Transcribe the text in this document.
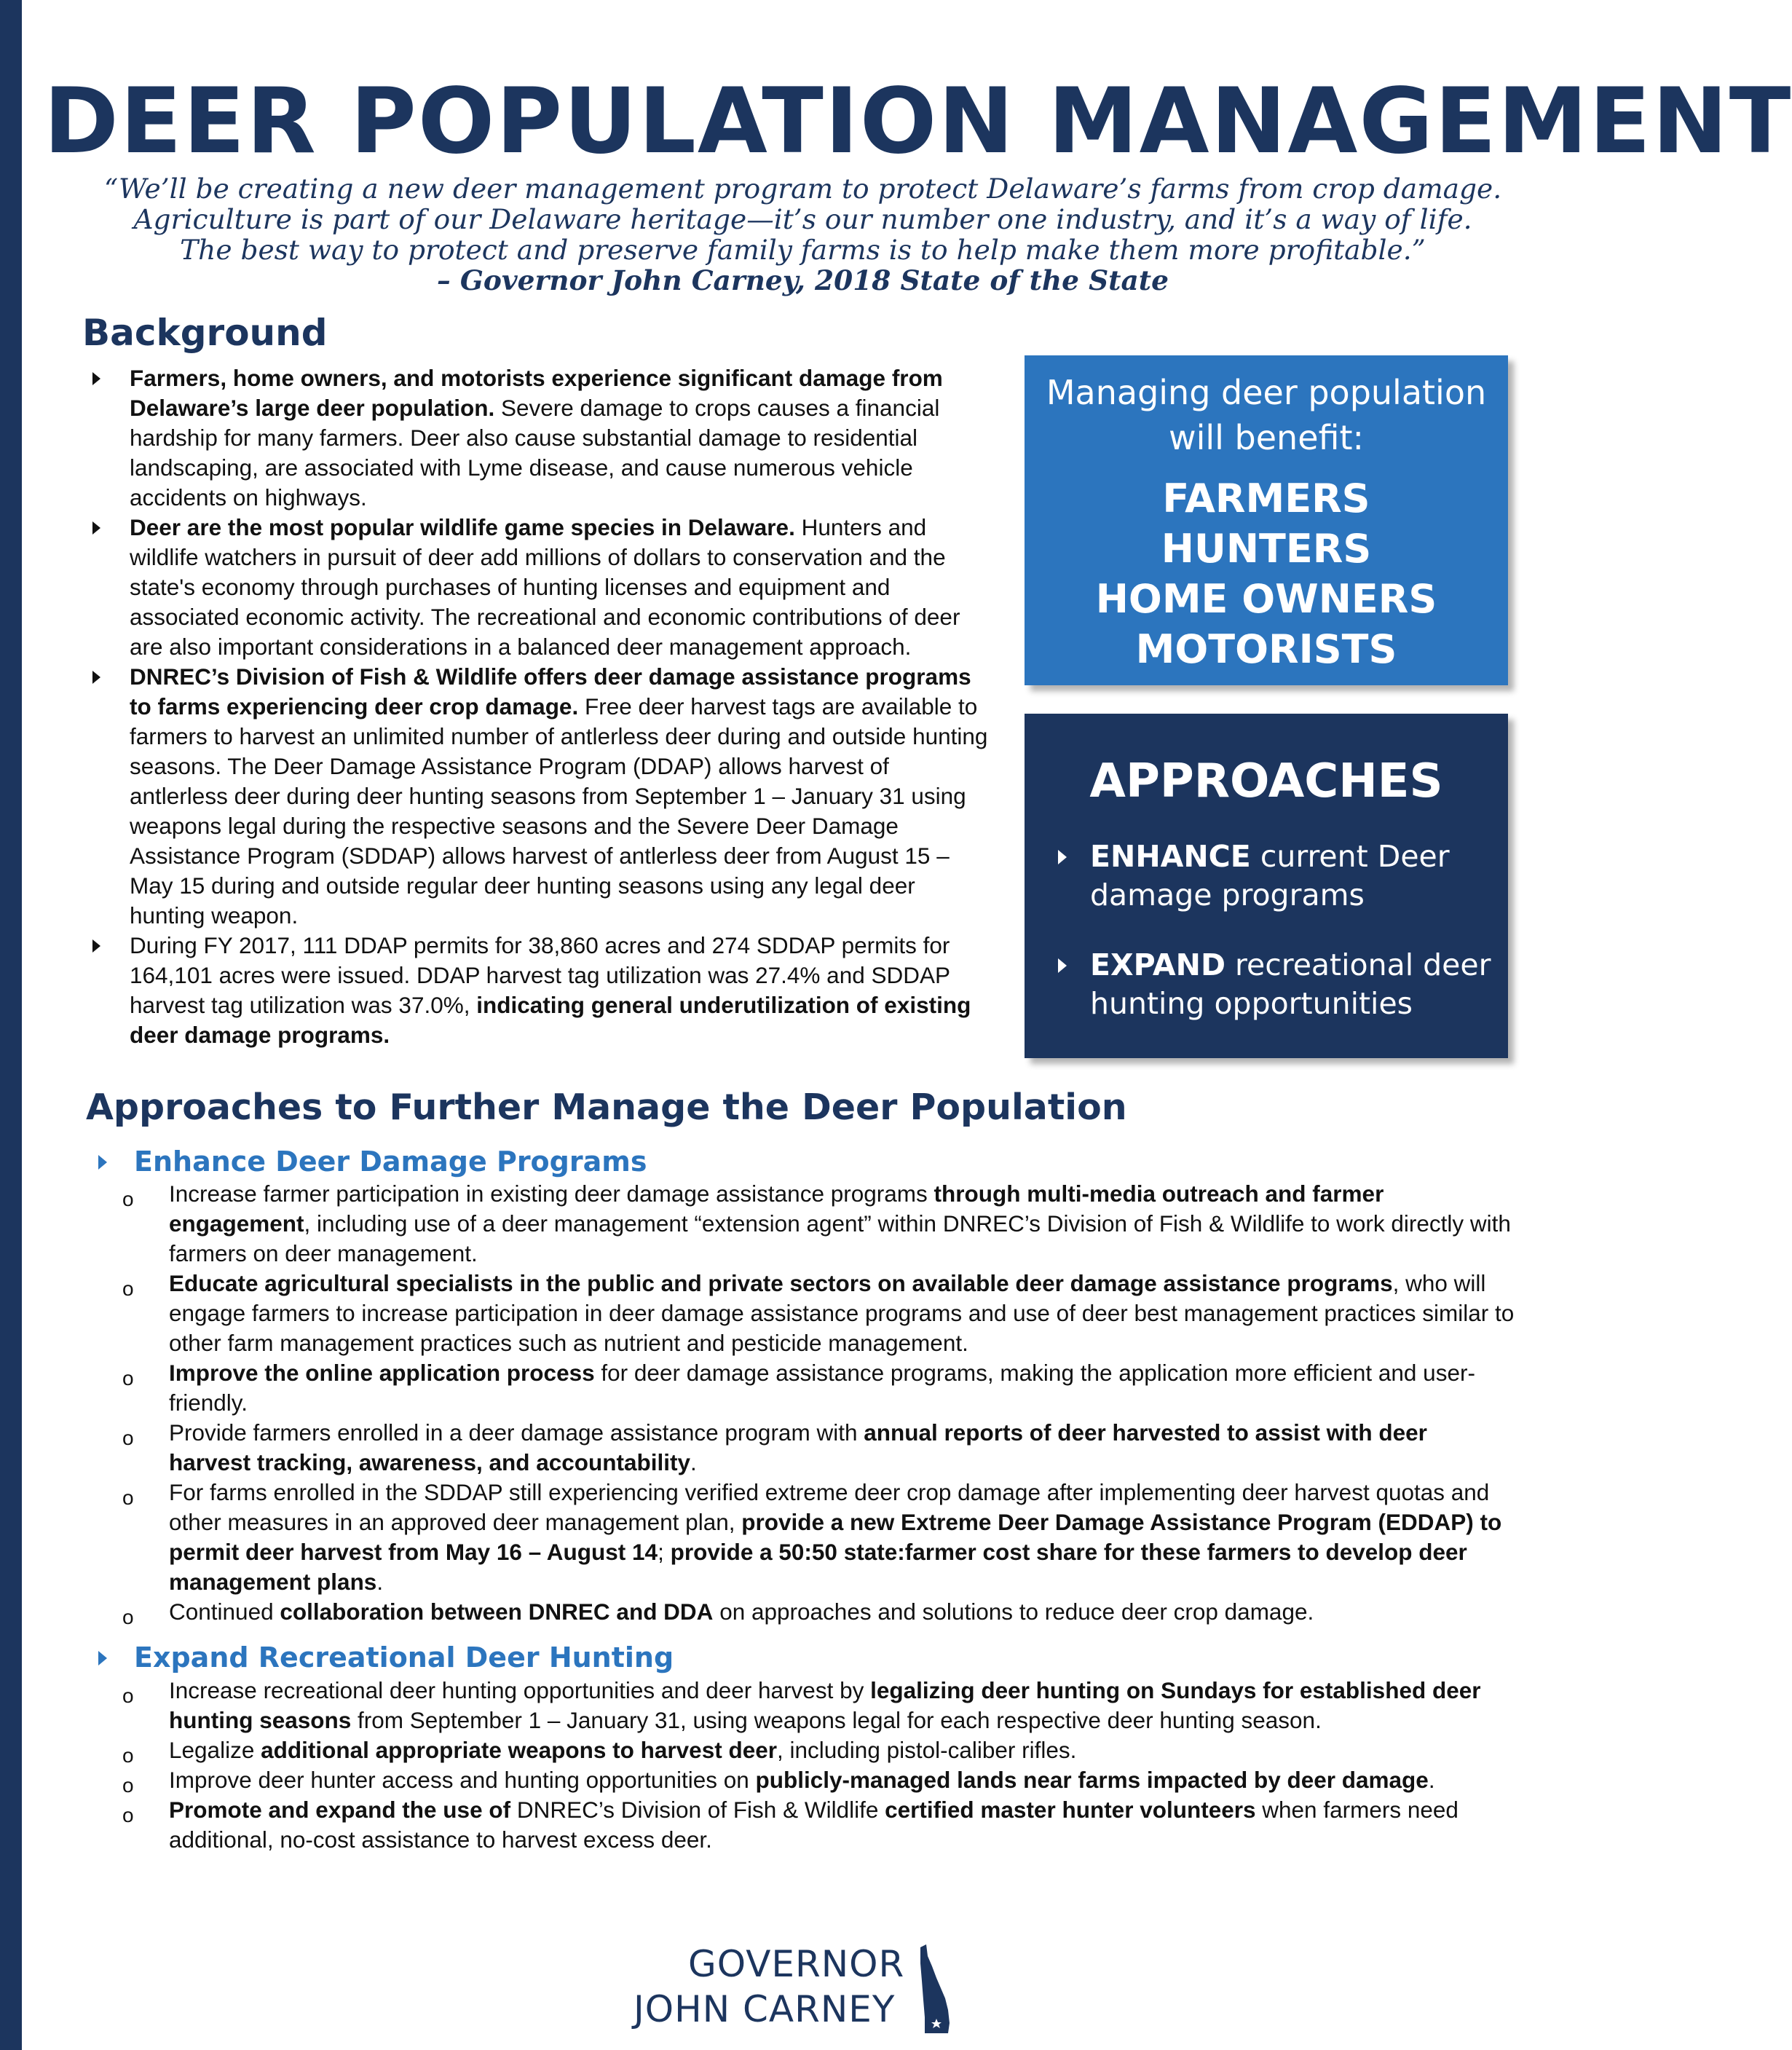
DEER POPULATION MANAGEMENT
“We’ll be creating a new deer management program to protect Delaware’s farms from crop damage.
Agriculture is part of our Delaware heritage—it’s our number one industry, and it’s a way of life.
The best way to protect and preserve family farms is to help make them more profitable.”
– Governor John Carney, 2018 State of the State
Background
Farmers, home owners, and motorists experience significant damage from Delaware’s large deer population. Severe damage to crops causes a financial hardship for many farmers. Deer also cause substantial damage to residential landscaping, are associated with Lyme disease, and cause numerous vehicle accidents on highways.
Deer are the most popular wildlife game species in Delaware. Hunters and wildlife watchers in pursuit of deer add millions of dollars to conservation and the state's economy through purchases of hunting licenses and equipment and associated economic activity. The recreational and economic contributions of deer are also important considerations in a balanced deer management approach.
DNREC’s Division of Fish & Wildlife offers deer damage assistance programs to farms experiencing deer crop damage. Free deer harvest tags are available to farmers to harvest an unlimited number of antlerless deer during and outside hunting seasons. The Deer Damage Assistance Program (DDAP) allows harvest of antlerless deer during deer hunting seasons from September 1 – January 31 using weapons legal during the respective seasons and the Severe Deer Damage Assistance Program (SDDAP) allows harvest of antlerless deer from August 15 – May 15 during and outside regular deer hunting seasons using any legal deer hunting weapon.
During FY 2017, 111 DDAP permits for 38,860 acres and 274 SDDAP permits for 164,101 acres were issued. DDAP harvest tag utilization was 27.4% and SDDAP harvest tag utilization was 37.0%, indicating general underutilization of existing deer damage programs.
Managing deer population
will benefit:
FARMERS
HUNTERS
HOME OWNERS
MOTORISTS
APPROACHES
ENHANCE current Deer damage programs
EXPAND recreational deer hunting opportunities
Approaches to Further Manage the Deer Population
Enhance Deer Damage Programs
o Increase farmer participation in existing deer damage assistance programs through multi-media outreach and farmer engagement, including use of a deer management “extension agent” within DNREC’s Division of Fish & Wildlife to work directly with farmers on deer management.
o Educate agricultural specialists in the public and private sectors on available deer damage assistance programs, who will engage farmers to increase participation in deer damage assistance programs and use of deer best management practices similar to other farm management practices such as nutrient and pesticide management.
o Improve the online application process for deer damage assistance programs, making the application more efficient and user-friendly.
o Provide farmers enrolled in a deer damage assistance program with annual reports of deer harvested to assist with deer harvest tracking, awareness, and accountability.
o For farms enrolled in the SDDAP still experiencing verified extreme deer crop damage after implementing deer harvest quotas and other measures in an approved deer management plan, provide a new Extreme Deer Damage Assistance Program (EDDAP) to permit deer harvest from May 16 – August 14; provide a 50:50 state:farmer cost share for these farmers to develop deer management plans.
o Continued collaboration between DNREC and DDA on approaches and solutions to reduce deer crop damage.
Expand Recreational Deer Hunting
o Increase recreational deer hunting opportunities and deer harvest by legalizing deer hunting on Sundays for established deer hunting seasons from September 1 – January 31, using weapons legal for each respective deer hunting season.
o Legalize additional appropriate weapons to harvest deer, including pistol-caliber rifles.
o Improve deer hunter access and hunting opportunities on publicly-managed lands near farms impacted by deer damage.
o Promote and expand the use of DNREC’s Division of Fish & Wildlife certified master hunter volunteers when farmers need additional, no-cost assistance to harvest excess deer.
GOVERNOR
JOHN CARNEY
